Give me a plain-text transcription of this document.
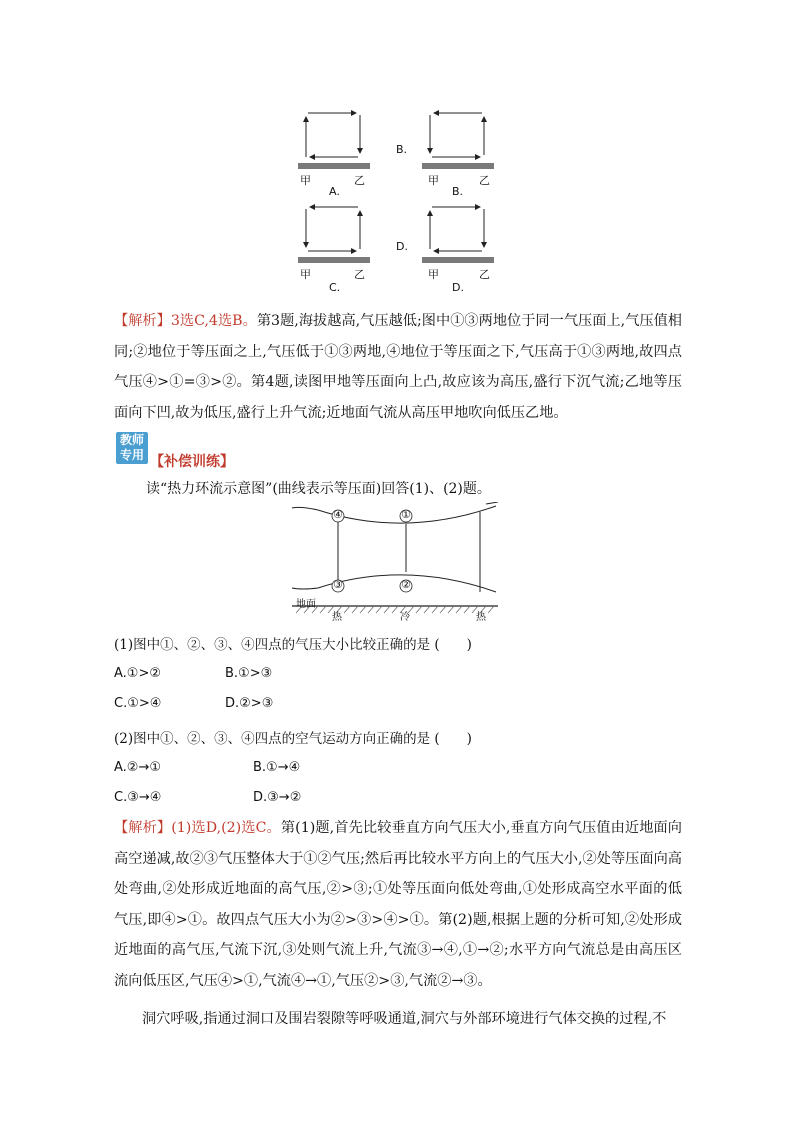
甲	乙
A.
B.
甲	乙
B.
甲	乙
C.
D.
甲	乙
D.

【解析】3选C,4选B。第3题,海拔越高,气压越低;图中①③两地位于同一气压面上,气压值相同;②地位于等压面之上,气压低于①③两地,④地位于等压面之下,气压高于①③两地,故四点气压④>①=③>②。第4题,读图甲地等压面向上凸,故应该为高压,盛行下沉气流;乙地等压面向下凹,故为低压,盛行上升气流;近地面气流从高压甲地吹向低压乙地。

教师
专用 【补偿训练】
读“热力环流示意图”(曲线表示等压面)回答(1)、(2)题。
④	①
③	②
地面
热	冷	热
(1)图中①、②、③、④四点的气压大小比较正确的是 (　　)
A.①>②	B.①>③
C.①>④	D.②>③
(2)图中①、②、③、④四点的空气运动方向正确的是 (　　)
A.②→①	B.①→④
C.③→④	D.③→②

【解析】(1)选D,(2)选C。第(1)题,首先比较垂直方向气压大小,垂直方向气压值由近地面向高空递减,故②③气压整体大于①②气压;然后再比较水平方向上的气压大小,②处等压面向高处弯曲,②处形成近地面的高气压,②>③;①处等压面向低处弯曲,①处形成高空水平面的低气压,即④>①。故四点气压大小为②>③>④>①。第(2)题,根据上题的分析可知,②处形成近地面的高气压,气流下沉,③处则气流上升,气流③→④,①→②;水平方向气流总是由高压区流向低压区,气压④>①,气流④→①,气压②>③,气流②→③。

洞穴呼吸,指通过洞口及围岩裂隙等呼吸通道,洞穴与外部环境进行气体交换的过程,不
